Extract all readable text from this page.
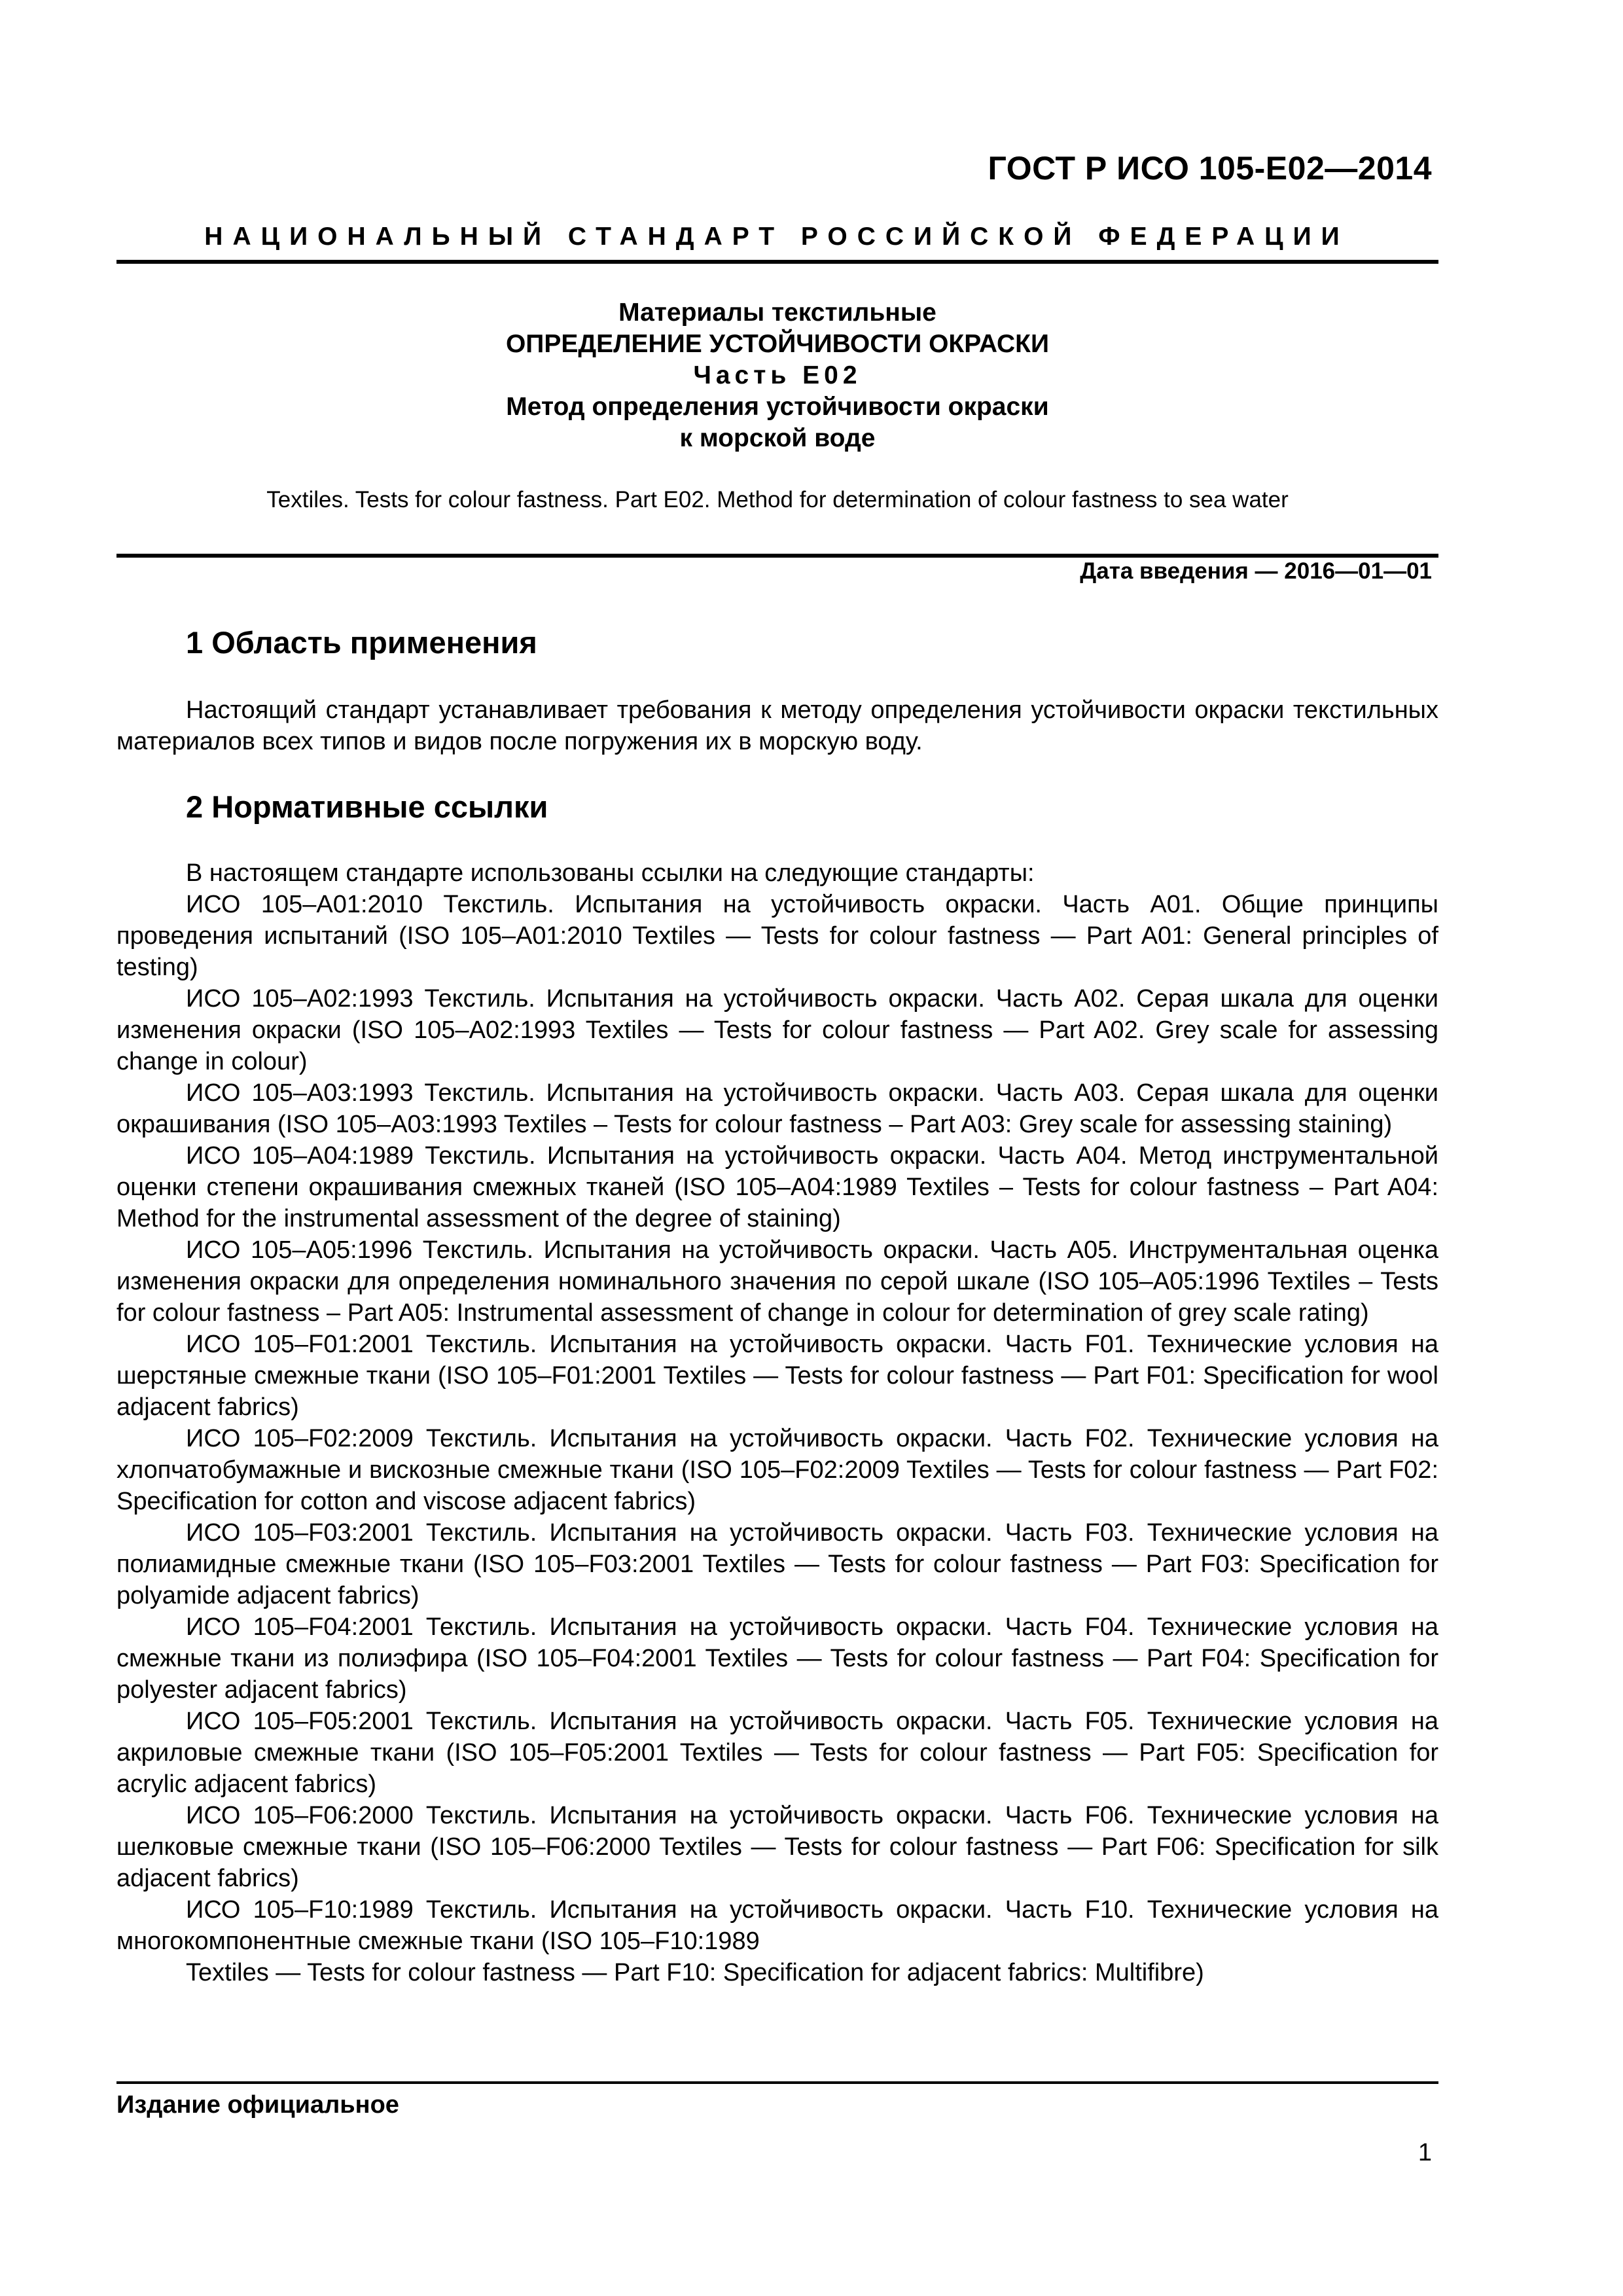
ГОСТ Р ИСО 105-Е02—2014
НАЦИОНАЛЬНЫЙ СТАНДАРТ РОССИЙСКОЙ ФЕДЕРАЦИИ
Материалы текстильные
ОПРЕДЕЛЕНИЕ УСТОЙЧИВОСТИ ОКРАСКИ
Часть Е02
Метод определения устойчивости окраски
к морской воде
Textiles. Tests for colour fastness. Part E02. Method for determination of colour fastness to sea water
Дата введения — 2016—01—01
1 Область применения

Настоящий стандарт устанавливает требования к методу определения устойчивости окраски текстильных материалов всех типов и видов после погружения их в морскую воду.

2 Нормативные ссылки

В настоящем стандарте использованы ссылки на следующие стандарты:

ИСО 105–А01:2010 Текстиль. Испытания на устойчивость окраски. Часть А01. Общие принципы проведения испытаний (ISO 105–A01:2010 Textiles — Tests for colour fastness — Part A01: General principles of testing)

ИСО 105–А02:1993 Текстиль. Испытания на устойчивость окраски. Часть А02. Серая шкала для оценки изменения окраски (ISO 105–A02:1993 Textiles — Tests for colour fastness — Part A02. Grey scale for assessing change in colour)

ИСО 105–А03:1993 Текстиль. Испытания на устойчивость окраски. Часть А03. Серая шкала для оценки окрашивания (ISO 105–A03:1993 Textiles – Tests for colour fastness – Part A03: Grey scale for assessing staining)

ИСО 105–А04:1989 Текстиль. Испытания на устойчивость окраски. Часть А04. Метод инструментальной оценки степени окрашивания смежных тканей (ISO 105–A04:1989 Textiles – Tests for colour fastness – Part A04: Method for the instrumental assessment of the degree of staining)

ИСО 105–А05:1996 Текстиль. Испытания на устойчивость окраски. Часть А05. Инструментальная оценка изменения окраски для определения номинального значения по серой шкале (ISO 105–A05:1996 Textiles – Tests for colour fastness – Part A05: Instrumental assessment of change in colour for determination of grey scale rating)

ИСО 105–F01:2001 Текстиль. Испытания на устойчивость окраски. Часть F01. Технические условия на шерстяные смежные ткани (ISO 105–F01:2001 Textiles — Tests for colour fastness — Part F01: Specification for wool adjacent fabrics)

ИСО 105–F02:2009 Текстиль. Испытания на устойчивость окраски. Часть F02. Технические условия на хлопчатобумажные и вискозные смежные ткани (ISO 105–F02:2009 Textiles — Tests for colour fastness — Part F02: Specification for cotton and viscose adjacent fabrics)

ИСО 105–F03:2001 Текстиль. Испытания на устойчивость окраски. Часть F03. Технические условия на полиамидные смежные ткани (ISO 105–F03:2001 Textiles — Tests for colour fastness — Part F03: Specification for polyamide adjacent fabrics)

ИСО 105–F04:2001 Текстиль. Испытания на устойчивость окраски. Часть F04. Технические условия на смежные ткани из полиэфира (ISO 105–F04:2001 Textiles — Tests for colour fastness — Part F04: Specification for polyester adjacent fabrics)

ИСО 105–F05:2001 Текстиль. Испытания на устойчивость окраски. Часть F05. Технические условия на акриловые смежные ткани (ISO 105–F05:2001 Textiles — Tests for colour fastness — Part F05: Specification for acrylic adjacent fabrics)

ИСО 105–F06:2000 Текстиль. Испытания на устойчивость окраски. Часть F06. Технические условия на шелковые смежные ткани (ISO 105–F06:2000 Textiles — Tests for colour fastness — Part F06: Specification for silk adjacent fabrics)

ИСО 105–F10:1989 Текстиль. Испытания на устойчивость окраски. Часть F10. Технические условия на многокомпонентные смежные ткани (ISO 105–F10:1989

Textiles — Tests for colour fastness — Part F10: Specification for adjacent fabrics: Multifibre)

Издание официальное
1
